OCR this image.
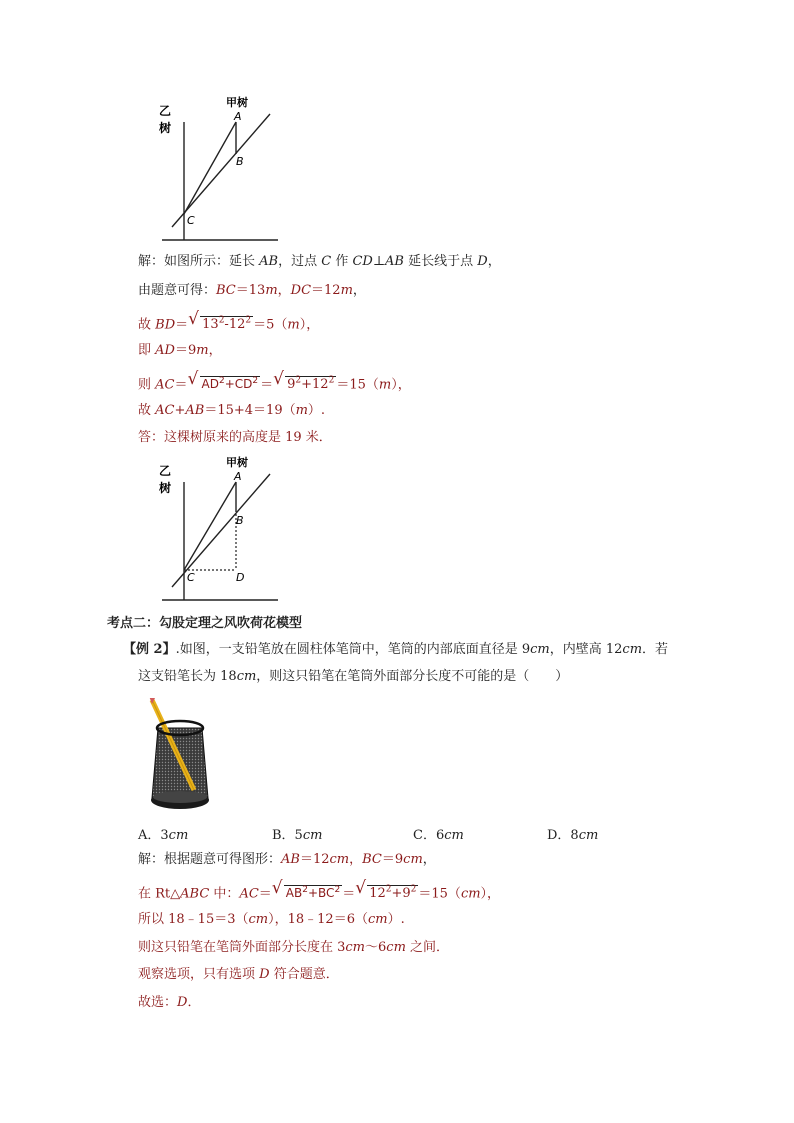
乙
树
甲树
A
B
C
解：如图所示：延长 AB，过点 C 作 CD⊥AB 延长线于点 D，
由题意可得：BC＝13m，DC＝12m，
故 BD＝ √ $13^2-12^2 =5(m)$，
即 AD＝9m，
则 AC＝ √ $AD^2+CD^2$ ＝ √ $9^2+12^2 =15(m)$，
故 AC+AB＝15+4＝19（m）.
答：这棵树原来的高度是 19 米．
乙
树
甲树
A
B
C	D
考点二：勾股定理之风吹荷花模型
【例 2】.如图，一支铅笔放在圆柱体笔筒中，笔筒的内部底面直径是 9cm，内壁高 12cm．若
这支铅笔长为 18cm，则这只铅笔在笔筒外面部分长度不可能的是（　　）
A．3cm	B．5cm	C．6cm	D．8cm
解：根据题意可得图形：AB＝12cm，BC＝9cm，
在 Rt△ABC 中：AC＝ √ $AB^2+BC^2$ ＝ √ $12^2+9^2 =15(cm)$，
所以 18﹣15＝3（cm），18﹣12＝6（cm）.
则这只铅笔在笔筒外面部分长度在 3cm～6cm 之间．
观察选项，只有选项 D 符合题意．
故选：D．
